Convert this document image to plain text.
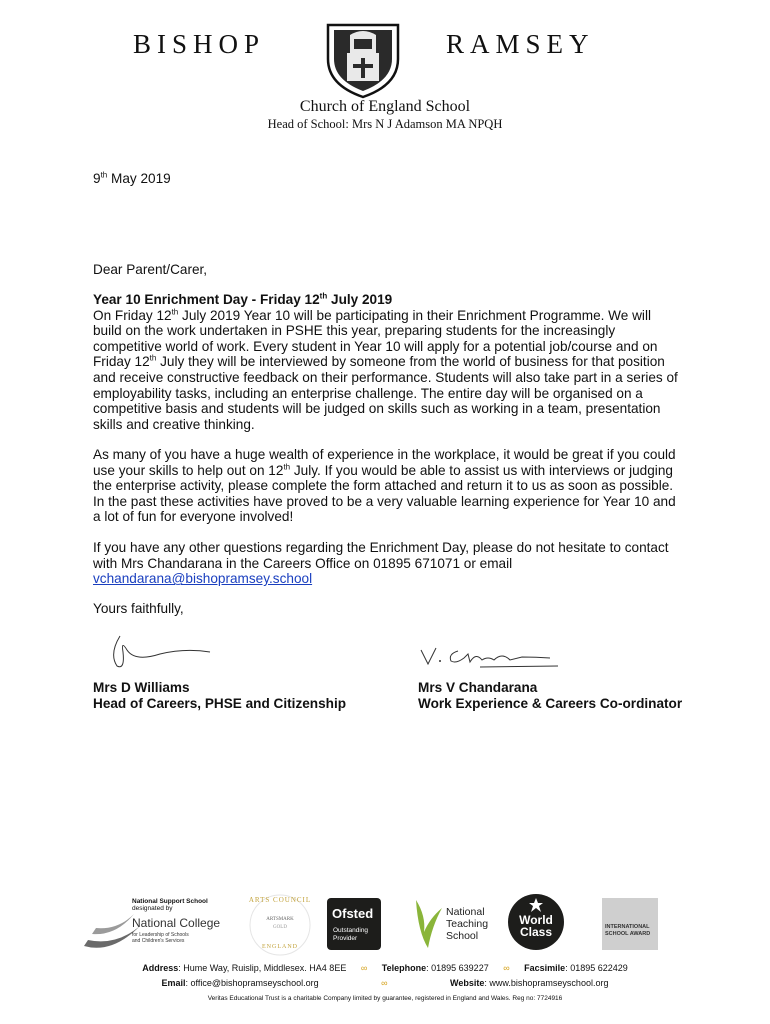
BISHOP	RAMSEY
Church of England School
Head of School: Mrs N J Adamson MA NPQH
9th May 2019
Dear Parent/Carer,

Year 10 Enrichment Day - Friday 12th July 2019

On Friday 12th July 2019 Year 10 will be participating in their Enrichment Programme. We will build on the work undertaken in PSHE this year, preparing students for the increasingly competitive world of work. Every student in Year 10 will apply for a potential job/course and on Friday 12th July they will be interviewed by someone from the world of business for that position and receive constructive feedback on their performance. Students will also take part in a series of employability tasks, including an enterprise challenge. The entire day will be organised on a competitive basis and students will be judged on skills such as working in a team, presentation skills and creative thinking.

As many of you have a huge wealth of experience in the workplace, it would be great if you could use your skills to help out on 12th July. If you would be able to assist us with interviews or judging the enterprise activity, please complete the form attached and return it to us as soon as possible. In the past these activities have proved to be a very valuable learning experience for Year 10 and a lot of fun for everyone involved!

If you have any other questions regarding the Enrichment Day, please do not hesitate to contact with Mrs Chandarana in the Careers Office on 01895 671071 or email
vchandarana@bishopramsey.school

Yours faithfully,
Mrs D Williams
Head of Careers, PHSE and Citizenship
Mrs V Chandarana
Work Experience & Careers Co-ordinator
National Support School
designated by
National College
for Leadership of Schools
and Children's Services
ARTS COUNCIL
ARTSMARK
GOLD
ENGLAND
Ofsted
Outstanding
Provider
National
Teaching
School
World
Class	INTERNATIONAL
SCHOOL AWARD
Address: Hume Way, Ruislip, Middlesex. HA4 8EE ∞ Telephone: 01895 639227 ∞ Facsimile: 01895 622429
Email: office@bishopramseyschool.org	∞	Website: www.bishopramseyschool.org
Veritas Educational Trust is a charitable Company limited by guarantee, registered in England and Wales. Reg no: 7724916
